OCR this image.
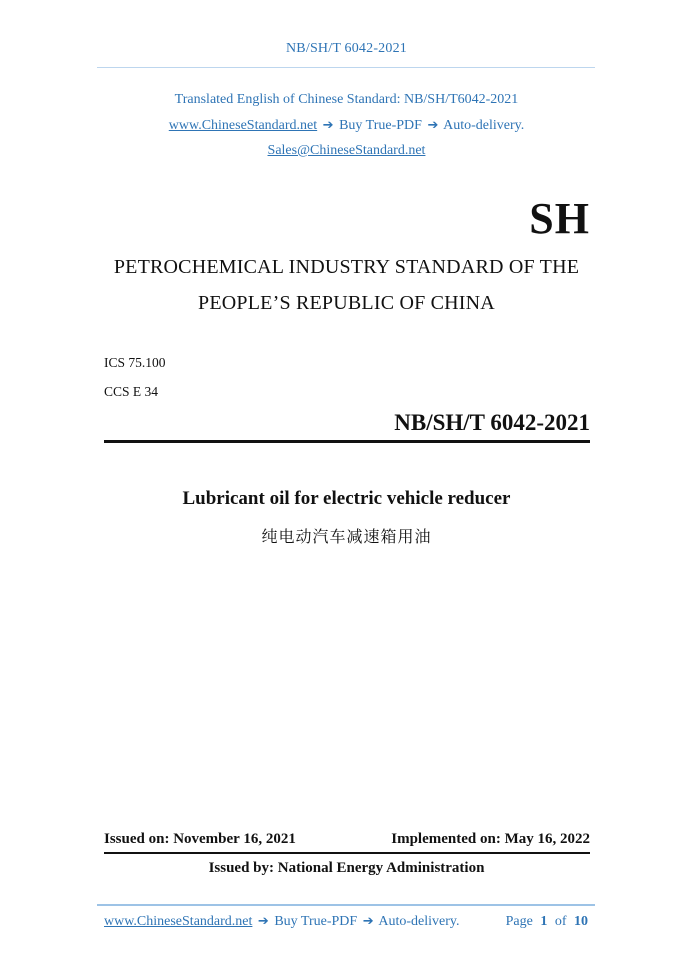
NB/SH/T 6042-2021
Translated English of Chinese Standard: NB/SH/T6042-2021
www.ChineseStandard.net ➔ Buy True-PDF ➔ Auto-delivery.
Sales@ChineseStandard.net
SH
PETROCHEMICAL INDUSTRY STANDARD OF THE
PEOPLE’S REPUBLIC OF CHINA
ICS 75.100
CCS E 34
NB/SH/T 6042-2021
Lubricant oil for electric vehicle reducer
纯电动汽车减速箱用油
Issued on: November 16, 2021	Implemented on: May 16, 2022
Issued by: National Energy Administration
www.ChineseStandard.net ➔ Buy True-PDF ➔ Auto-delivery.	Page 1 of 10
